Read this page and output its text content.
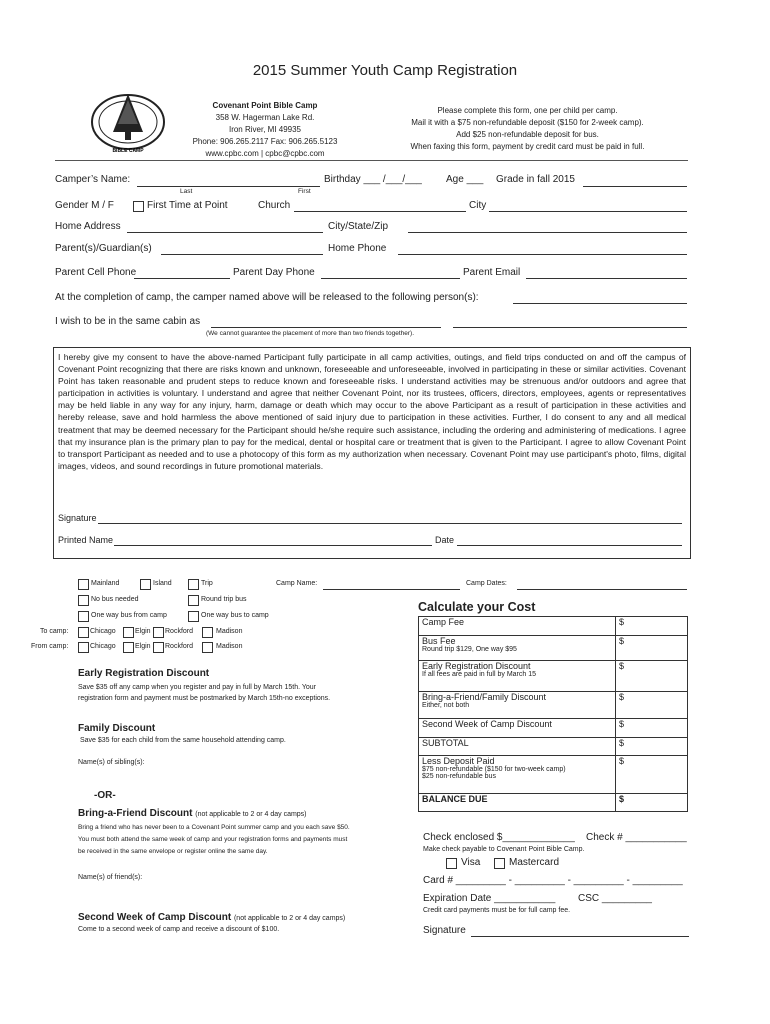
2015 Summer Youth Camp Registration
BIBLE CAMP
Covenant Point Bible Camp
358 W. Hagerman Lake Rd.
Iron River, MI 49935
Phone: 906.265.2117 Fax: 906.265.5123
www.cpbc.com | cpbc@cpbc.com
Please complete this form, one per child per camp.
Mail it with a $75 non-refundable deposit ($150 for 2-week camp).
Add $25 non-refundable deposit for bus.
When faxing this form, payment by credit card must be paid in full.
Camper’s Name:
Last	First
Birthday ___ /___/___ Age ___ Grade in fall 2015
Gender M / F	First Time at Point	Church	City
Home Address	City/State/Zip
Parent(s)/Guardian(s)	Home Phone
Parent Cell Phone	Parent Day Phone	Parent Email
At the completion of camp, the camper named above will be released to the following person(s):
I wish to be in the same cabin as
(We cannot guarantee the placement of more than two friends together).

I hereby give my consent to have the above-named Participant fully participate in all camp activities, outings, and field trips conducted on and off the campus of Covenant Point recognizing that there are risks known and unknown, foreseeable and unforeseeable, involved in participating in these or similar activities. Covenant Point has taken reasonable and prudent steps to reduce known and foreseeable risks. I understand activities may be strenuous and/or outdoors and agree that participation in activities is voluntary. I understand and agree that neither Covenant Point, nor its trustees, officers, directors, employees, agents or representatives may be held liable in any way for any injury, harm, damage or death which may occur to the above Participant as a result of participation in these activities and hereby release, save and hold harmless the above mentioned of said injury due to participation in these activities. Further, I do consent to any and all medical treatment that may be deemed necessary for the Participant should he/she require such assistance, including the ordering and administering of medications. I agree that my insurance plan is the primary plan to pay for the medical, dental or hospital care or treatment that is given to the Participant. I agree to allow Covenant Point to transport Participant as needed and to use a photocopy of this form as my authorization when necessary. Covenant Point may use participant's photo, films, digital images, videos, and sound recordings in future promotional materials.

Signature
Printed Name	Date
Mainland	Island	Trip	Camp Name:	Camp Dates:
No bus needed	Round trip bus
One way bus from camp	One way bus to camp
To camp:	Chicago	Elgin Rockford	Madison
From camp:	Chicago	Elgin Rockford	Madison
Early Registration Discount
Save $35 off any camp when you register and pay in full by March 15th. Your
registration form and payment must be postmarked by March 15th-no exceptions.
Family Discount
Save $35 for each child from the same household attending camp.
Name(s) of sibling(s):
-OR-
Bring-a-Friend Discount (not applicable to 2 or 4 day camps)
Bring a friend who has never been to a Covenant Point summer camp and you each save $50.
You must both attend the same week of camp and your registration forms and payments must
be received in the same envelope or register online the same day.
Name(s) of friend(s):
Second Week of Camp Discount (not applicable to 2 or 4 day camps)
Come to a second week of camp and receive a discount of $100.
Calculate your Cost
Camp Fee	$
Bus Fee
Round trip $129, One way $95	$
Early Registration Discount
If all fees are paid in full by March 15	$
Bring-a-Friend/Family Discount
Either, not both	$
Second Week of Camp Discount	$
SUBTOTAL	$
Less Deposit Paid
$75 non-refundable ($150 for two-week camp)
$25 non-refundable bus	$
BALANCE DUE	$
Check enclosed $_____________ Check # ___________
Make check payable to Covenant Point Bible Camp.
Visa	Mastercard
Card # _________ - _________ - _________ - _________
Expiration Date ___________ CSC _________
Credit card payments must be for full camp fee.
Signature
